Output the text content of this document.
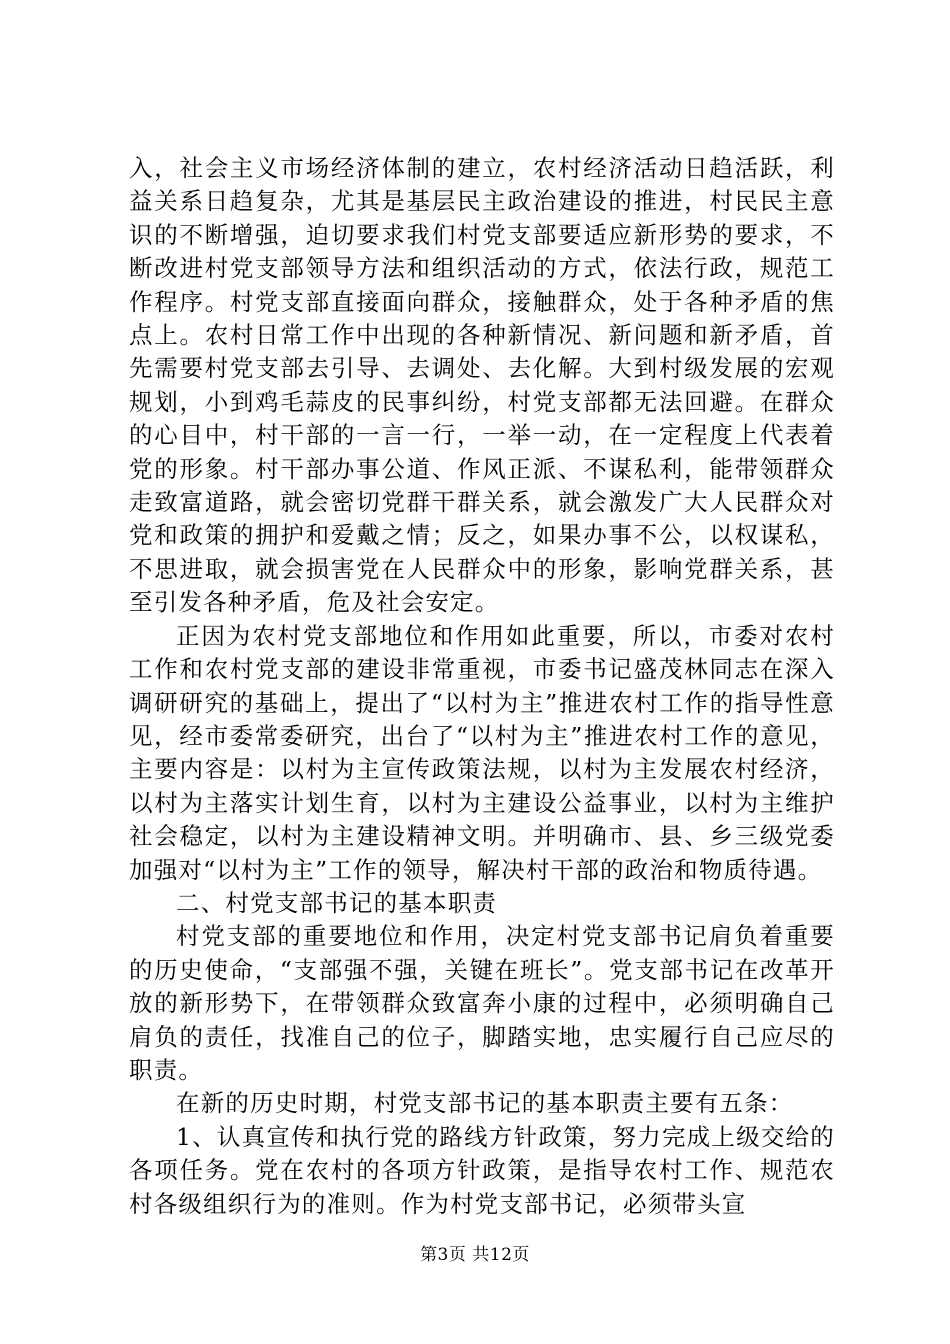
入，社会主义市场经济体制的建立，农村经济活动日趋活跃，利益关系日趋复杂，尤其是基层民主政治建设的推进，村民民主意识的不断增强，迫切要求我们村党支部要适应新形势的要求，不断改进村党支部领导方法和组织活动的方式，依法行政，规范工作程序。村党支部直接面向群众，接触群众，处于各种矛盾的焦点上。农村日常工作中出现的各种新情况、新问题和新矛盾，首先需要村党支部去引导、去调处、去化解。大到村级发展的宏观规划，小到鸡毛蒜皮的民事纠纷，村党支部都无法回避。在群众的心目中，村干部的一言一行，一举一动，在一定程度上代表着党的形象。村干部办事公道、作风正派、不谋私利，能带领群众走致富道路，就会密切党群干群关系，就会激发广大人民群众对党和政策的拥护和爱戴之情；反之，如果办事不公，以权谋私，不思进取，就会损害党在人民群众中的形象，影响党群关系，甚至引发各种矛盾，危及社会安定。

正因为农村党支部地位和作用如此重要，所以，市委对农村工作和农村党支部的建设非常重视，市委书记盛茂林同志在深入调研研究的基础上，提出了“以村为主”推进农村工作的指导性意见，经市委常委研究，出台了“以村为主”推进农村工作的意见，主要内容是：以村为主宣传政策法规，以村为主发展农村经济，以村为主落实计划生育，以村为主建设公益事业，以村为主维护社会稳定，以村为主建设精神文明。并明确市、县、乡三级党委加强对“以村为主”工作的领导，解决村干部的政治和物质待遇。

二、村党支部书记的基本职责

村党支部的重要地位和作用，决定村党支部书记肩负着重要的历史使命，“支部强不强，关键在班长”。党支部书记在改革开放的新形势下，在带领群众致富奔小康的过程中，必须明确自己肩负的责任，找准自己的位子，脚踏实地，忠实履行自己应尽的职责。

在新的历史时期，村党支部书记的基本职责主要有五条：

1、认真宣传和执行党的路线方针政策，努力完成上级交给的各项任务。党在农村的各项方针政策，是指导农村工作、规范农村各级组织行为的准则。作为村党支部书记，必须带头宣

第3页 共12页
